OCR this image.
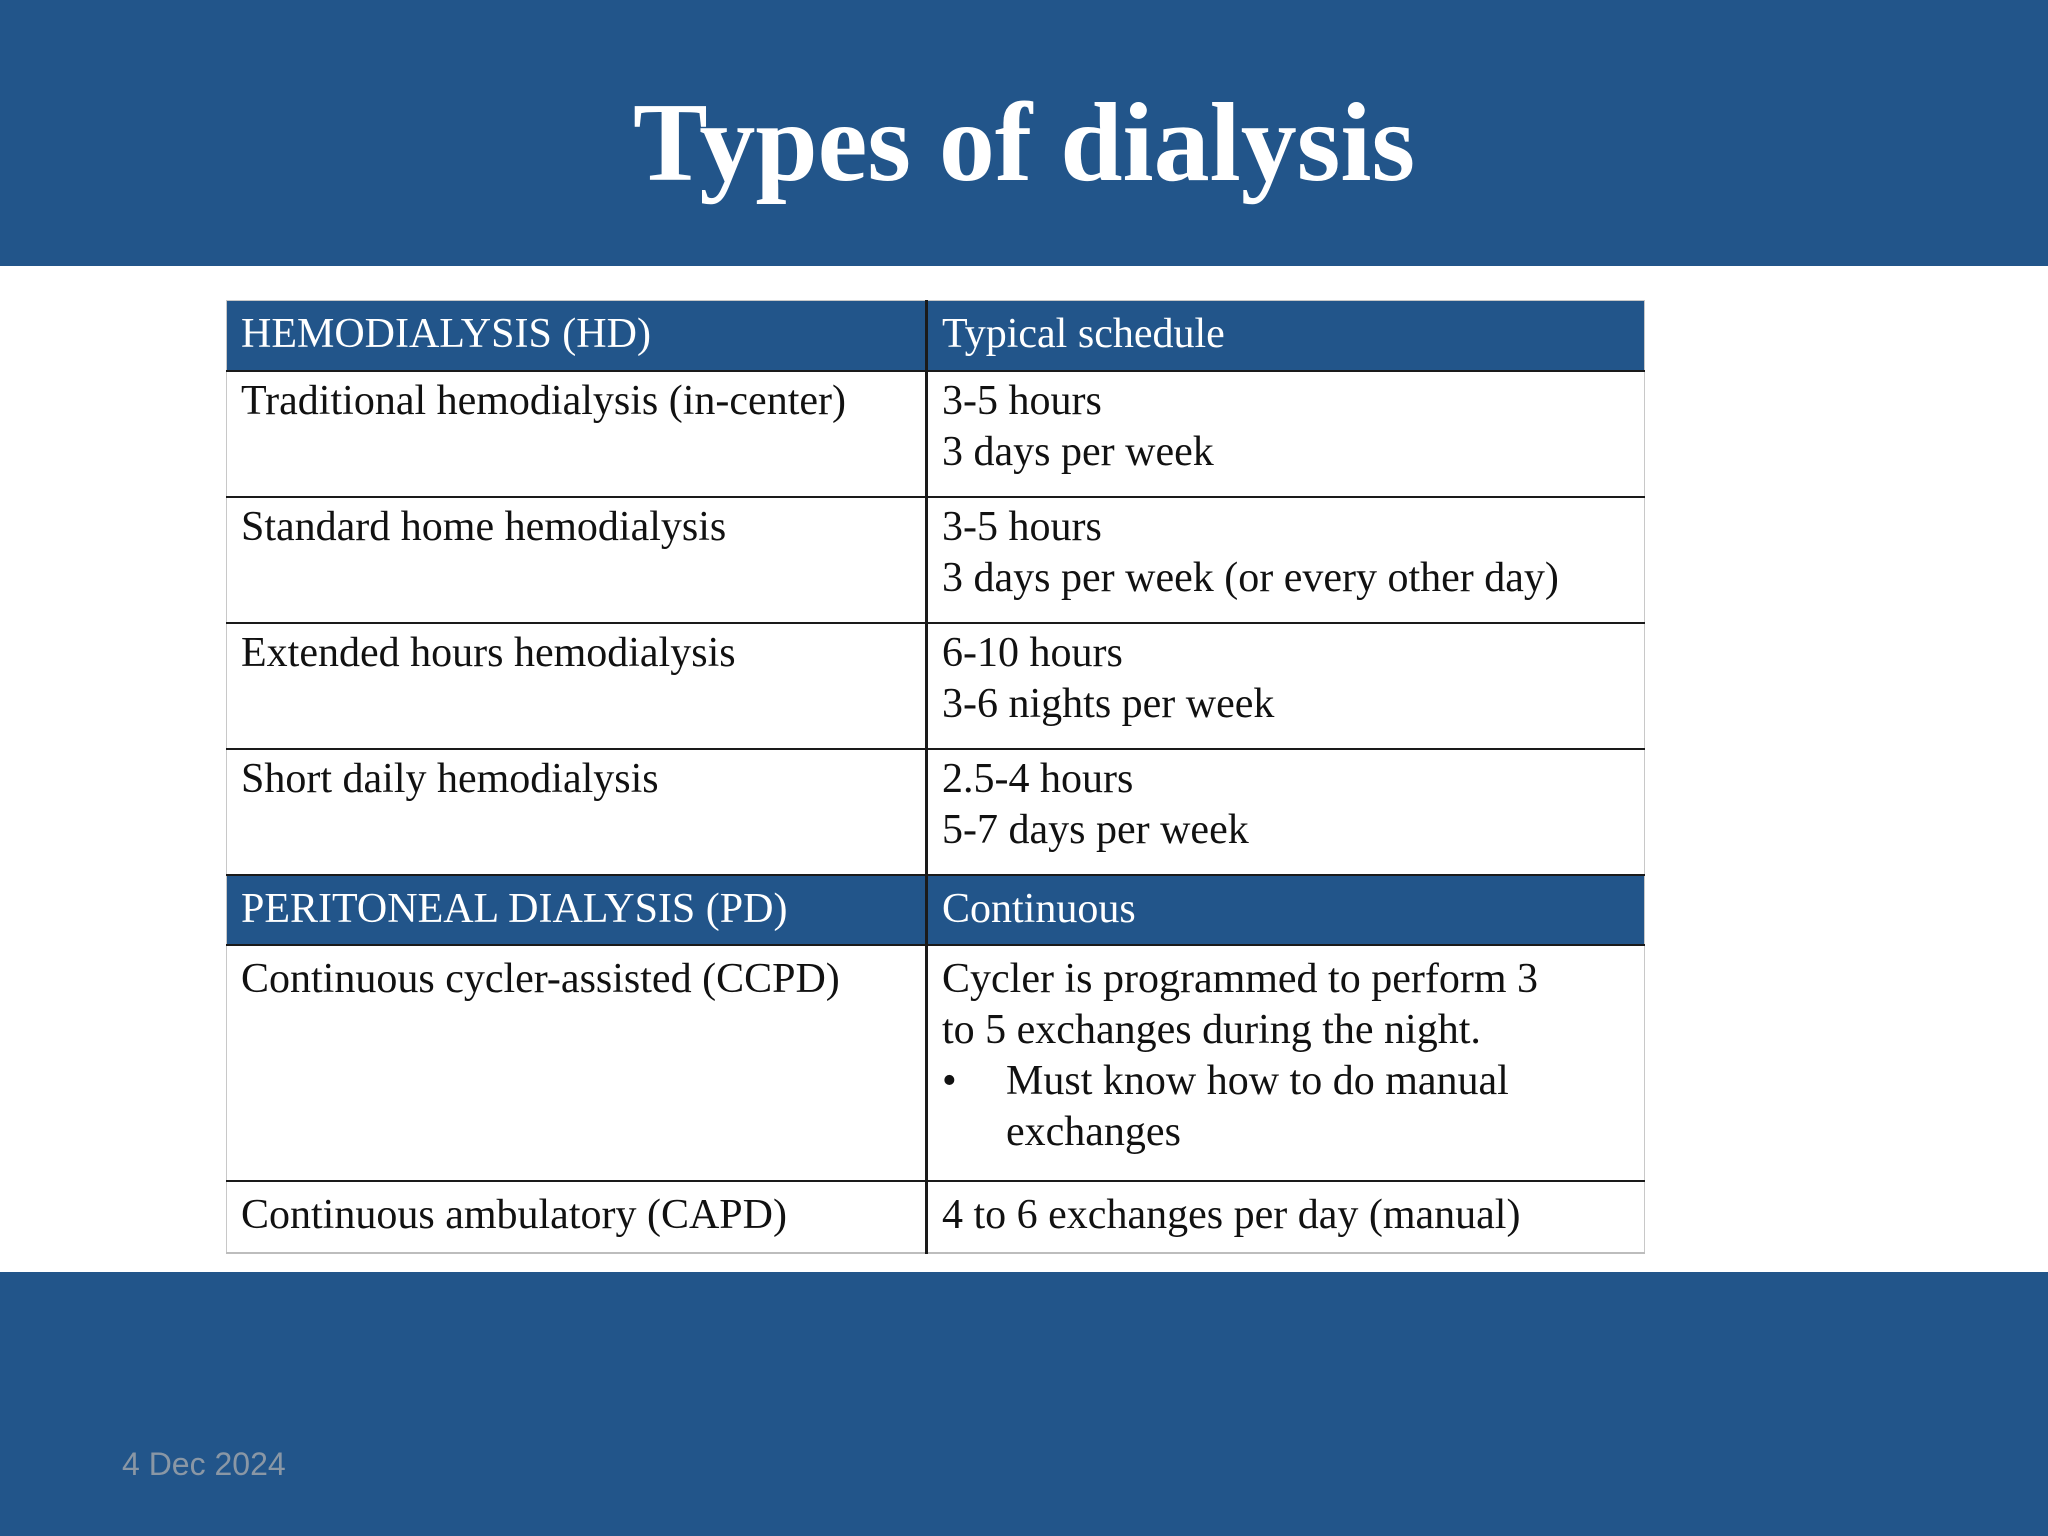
Types of dialysis
4 Dec 2024
HEMODIALYSIS (HD)	Typical schedule

Traditional hemodialysis (in-center)	3-5 hours
3 days per week

Standard home hemodialysis	3-5 hours
3 days per week (or every other day)

Extended hours hemodialysis	6-10 hours
3-6 nights per week

Short daily hemodialysis	2.5-4 hours
5-7 days per week

PERITONEAL DIALYSIS (PD)	Continuous

Continuous cycler-assisted (CCPD)	Cycler is programmed to perform 3
to 5 exchanges during the night.
• Must know how to do manual
exchanges

Continuous ambulatory (CAPD)	4 to 6 exchanges per day (manual)
